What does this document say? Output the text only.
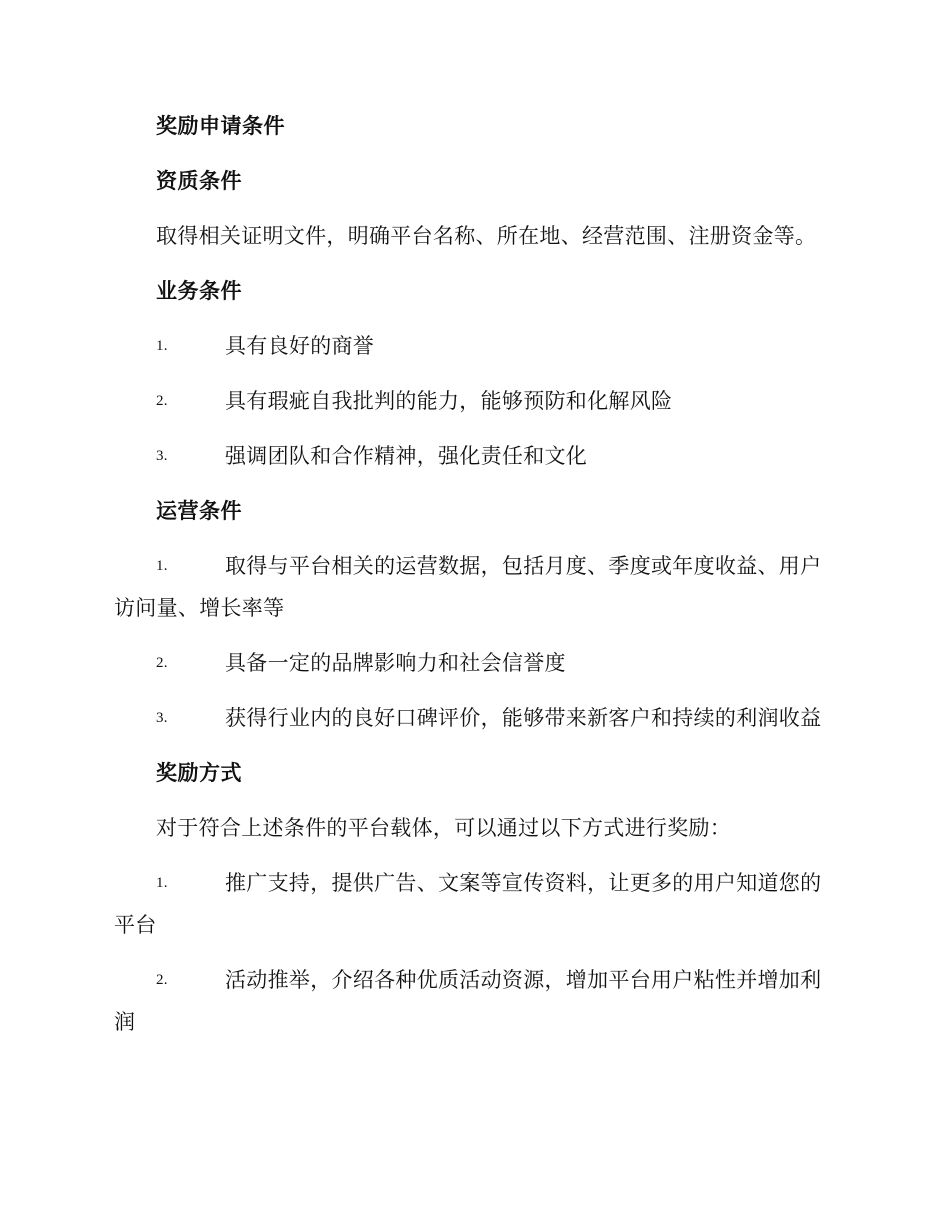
奖励申请条件
资质条件
取得相关证明文件，明确平台名称、所在地、经营范围、注册资金等。
业务条件
1.	具有良好的商誉
2.	具有瑕疵自我批判的能力，能够预防和化解风险
3.	强调团队和合作精神，强化责任和文化
运营条件
1.	取得与平台相关的运营数据，包括月度、季度或年度收益、用户访问量、增长率等
2.	具备一定的品牌影响力和社会信誉度
3.	获得行业内的良好口碑评价，能够带来新客户和持续的利润收益
奖励方式
对于符合上述条件的平台载体，可以通过以下方式进行奖励：
1.	推广支持，提供广告、文案等宣传资料，让更多的用户知道您的平台
2.	活动推举，介绍各种优质活动资源，增加平台用户粘性并增加利润
